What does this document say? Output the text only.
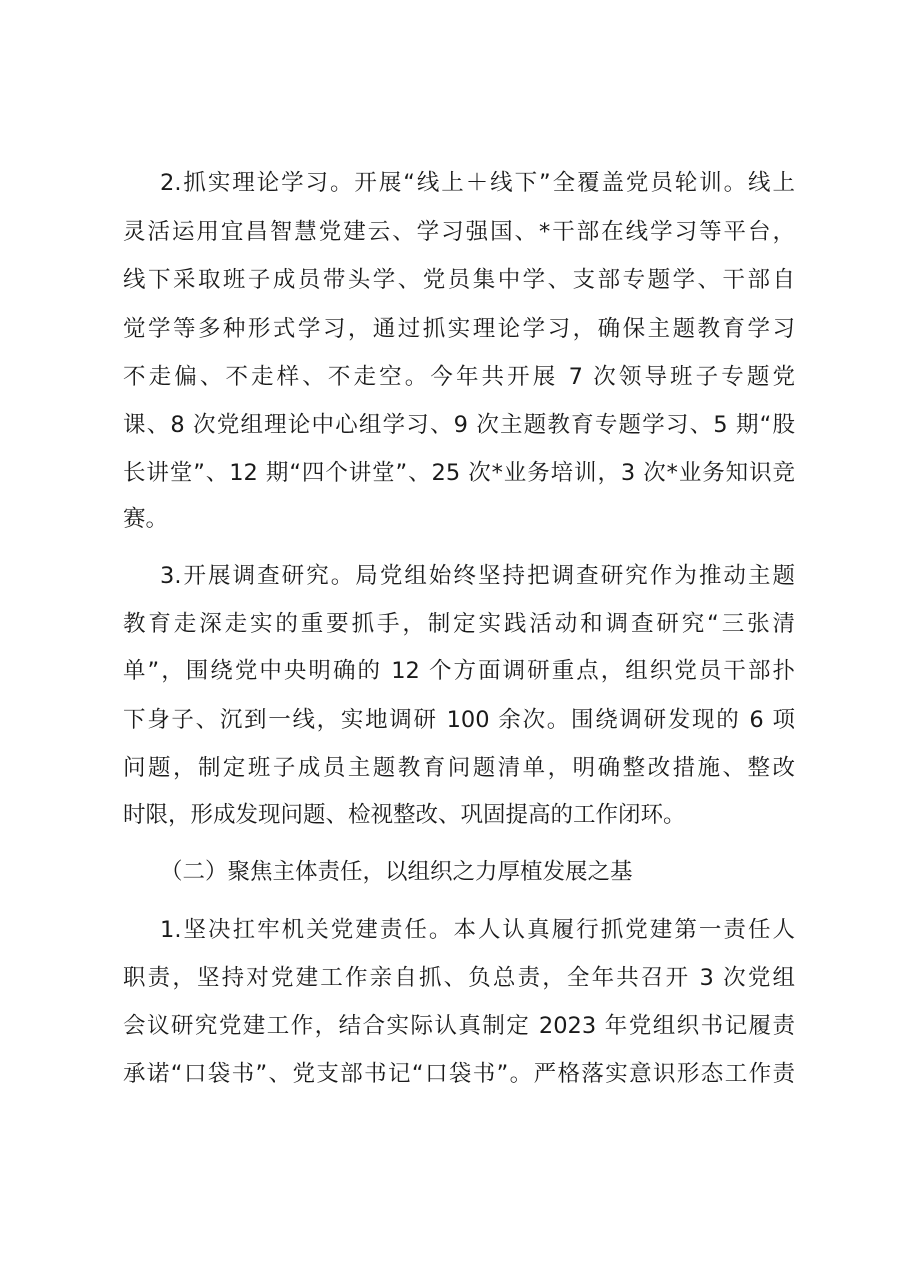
2.抓实理论学习。开展“线上＋线下”全覆盖党员轮训。线上
灵活运用宜昌智慧党建云、学习强国、*干部在线学习等平台，
线下采取班子成员带头学、党员集中学、支部专题学、干部自
觉学等多种形式学习，通过抓实理论学习，确保主题教育学习
不走偏、不走样、不走空。今年共开展 7 次领导班子专题党
课、8 次党组理论中心组学习、9 次主题教育专题学习、5 期“股
长讲堂”、12 期“四个讲堂”、25 次*业务培训，3 次*业务知识竞
赛。
3.开展调查研究。局党组始终坚持把调查研究作为推动主题
教育走深走实的重要抓手，制定实践活动和调查研究“三张清
单”，围绕党中央明确的 12 个方面调研重点，组织党员干部扑
下身子、沉到一线，实地调研 100 余次。围绕调研发现的 6 项
问题，制定班子成员主题教育问题清单，明确整改措施、整改
时限，形成发现问题、检视整改、巩固提高的工作闭环。
（二）聚焦主体责任，以组织之力厚植发展之基
1.坚决扛牢机关党建责任。本人认真履行抓党建第一责任人
职责，坚持对党建工作亲自抓、负总责，全年共召开 3 次党组
会议研究党建工作，结合实际认真制定 2023 年党组织书记履责
承诺“口袋书”、党支部书记“口袋书”。严格落实意识形态工作责
